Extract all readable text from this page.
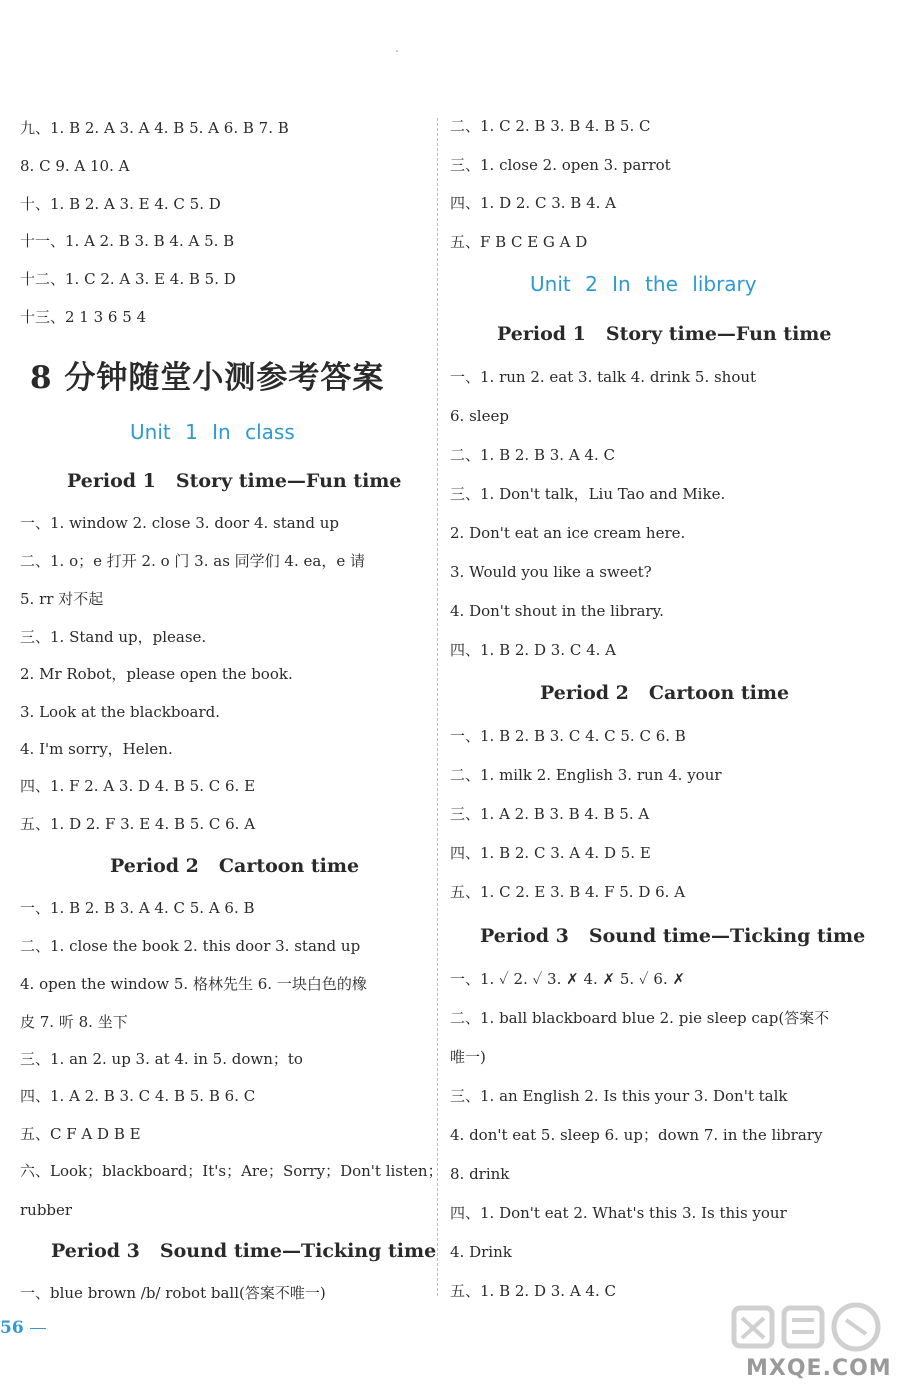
九、1. B 2. A 3. A 4. B 5. A 6. B 7. B
8. C 9. A 10. A
十、1. B 2. A 3. E 4. C 5. D
十一、1. A 2. B 3. B 4. A 5. B
十二、1. C 2. A 3. E 4. B 5. D
十三、2 1 3 6 5 4
8 分钟随堂小测参考答案
Unit 1 In class
Period 1 Story time—Fun time
一、1. window 2. close 3. door 4. stand up
二、1. o；e 打开 2. o 门 3. as 同学们 4. ea，e 请
5. rr 对不起
三、1. Stand up，please.
2. Mr Robot，please open the book.
3. Look at the blackboard.
4. I'm sorry，Helen.
四、1. F 2. A 3. D 4. B 5. C 6. E
五、1. D 2. F 3. E 4. B 5. C 6. A
Period 2 Cartoon time
一、1. B 2. B 3. A 4. C 5. A 6. B
二、1. close the book 2. this door 3. stand up
4. open the window 5. 格林先生 6. 一块白色的橡
皮 7. 听 8. 坐下
三、1. an 2. up 3. at 4. in 5. down；to
四、1. A 2. B 3. C 4. B 5. B 6. C
五、C F A D B E
六、Look；blackboard；It's；Are；Sorry；Don't listen；
rubber
Period 3 Sound time—Ticking time
一、blue brown /b/ robot ball(答案不唯一)
56
二、1. C 2. B 3. B 4. B 5. C
三、1. close 2. open 3. parrot
四、1. D 2. C 3. B 4. A
五、F B C E G A D
Unit 2 In the library
Period 1 Story time—Fun time
一、1. run 2. eat 3. talk 4. drink 5. shout
6. sleep
二、1. B 2. B 3. A 4. C
三、1. Don't talk，Liu Tao and Mike.
2. Don't eat an ice cream here.
3. Would you like a sweet?
4. Don't shout in the library.
四、1. B 2. D 3. C 4. A
Period 2 Cartoon time
一、1. B 2. B 3. C 4. C 5. C 6. B
二、1. milk 2. English 3. run 4. your
三、1. A 2. B 3. B 4. B 5. A
四、1. B 2. C 3. A 4. D 5. E
五、1. C 2. E 3. B 4. F 5. D 6. A
Period 3 Sound time—Ticking time
一、1. ✓ 2. ✓ 3. ✗ 4. ✗ 5. ✓ 6. ✗
二、1. ball blackboard blue 2. pie sleep cap(答案不
唯一)
三、1. an English 2. Is this your 3. Don't talk
4. don't eat 5. sleep 6. up；down 7. in the library
8. drink
四、1. Don't eat 2. What's this 3. Is this your
4. Drink
五、1. B 2. D 3. A 4. C
MXQE.COM
